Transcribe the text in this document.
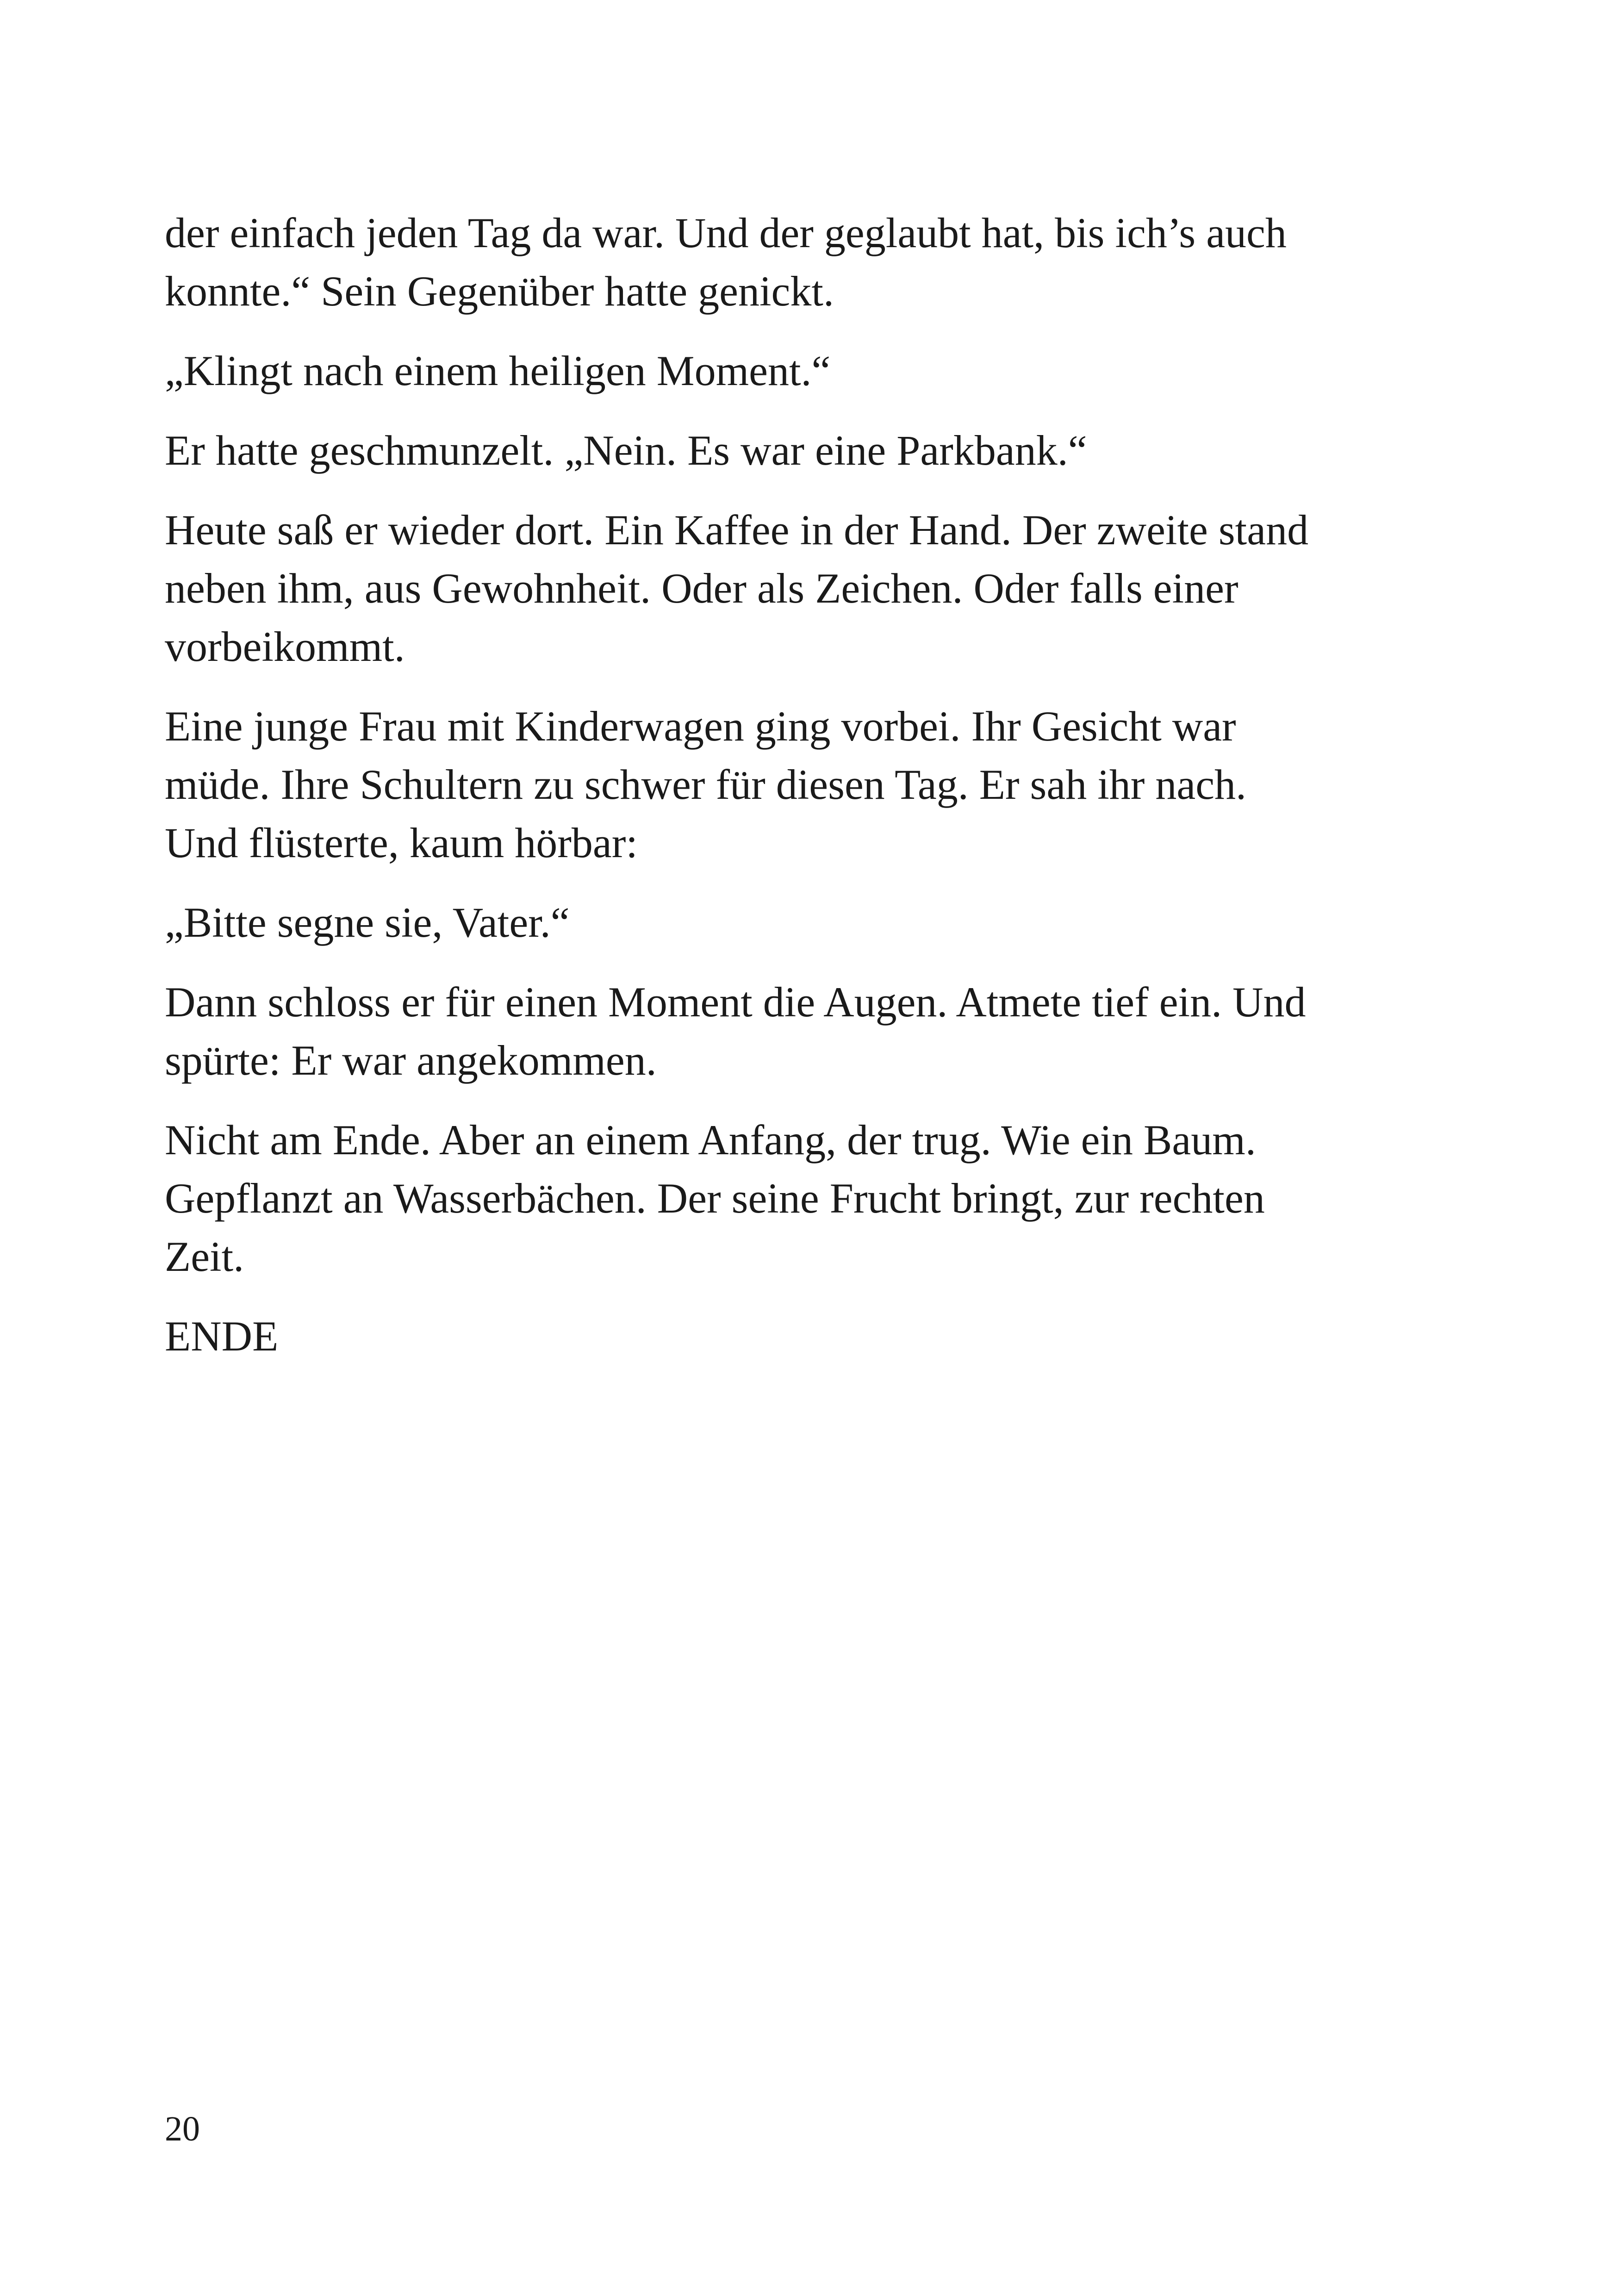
der einfach jeden Tag da war. Und der geglaubt hat, bis ich’s auch
konnte.“ Sein Gegenüber hatte genickt.

„Klingt nach einem heiligen Moment.“

Er hatte geschmunzelt. „Nein. Es war eine Parkbank.“

Heute saß er wieder dort. Ein Kaffee in der Hand. Der zweite stand
neben ihm, aus Gewohnheit. Oder als Zeichen. Oder falls einer
vorbeikommt.

Eine junge Frau mit Kinderwagen ging vorbei. Ihr Gesicht war
müde. Ihre Schultern zu schwer für diesen Tag. Er sah ihr nach.
Und flüsterte, kaum hörbar:

„Bitte segne sie, Vater.“

Dann schloss er für einen Moment die Augen. Atmete tief ein. Und
spürte: Er war angekommen.

Nicht am Ende. Aber an einem Anfang, der trug. Wie ein Baum.
Gepflanzt an Wasserbächen. Der seine Frucht bringt, zur rechten
Zeit.

ENDE

20
